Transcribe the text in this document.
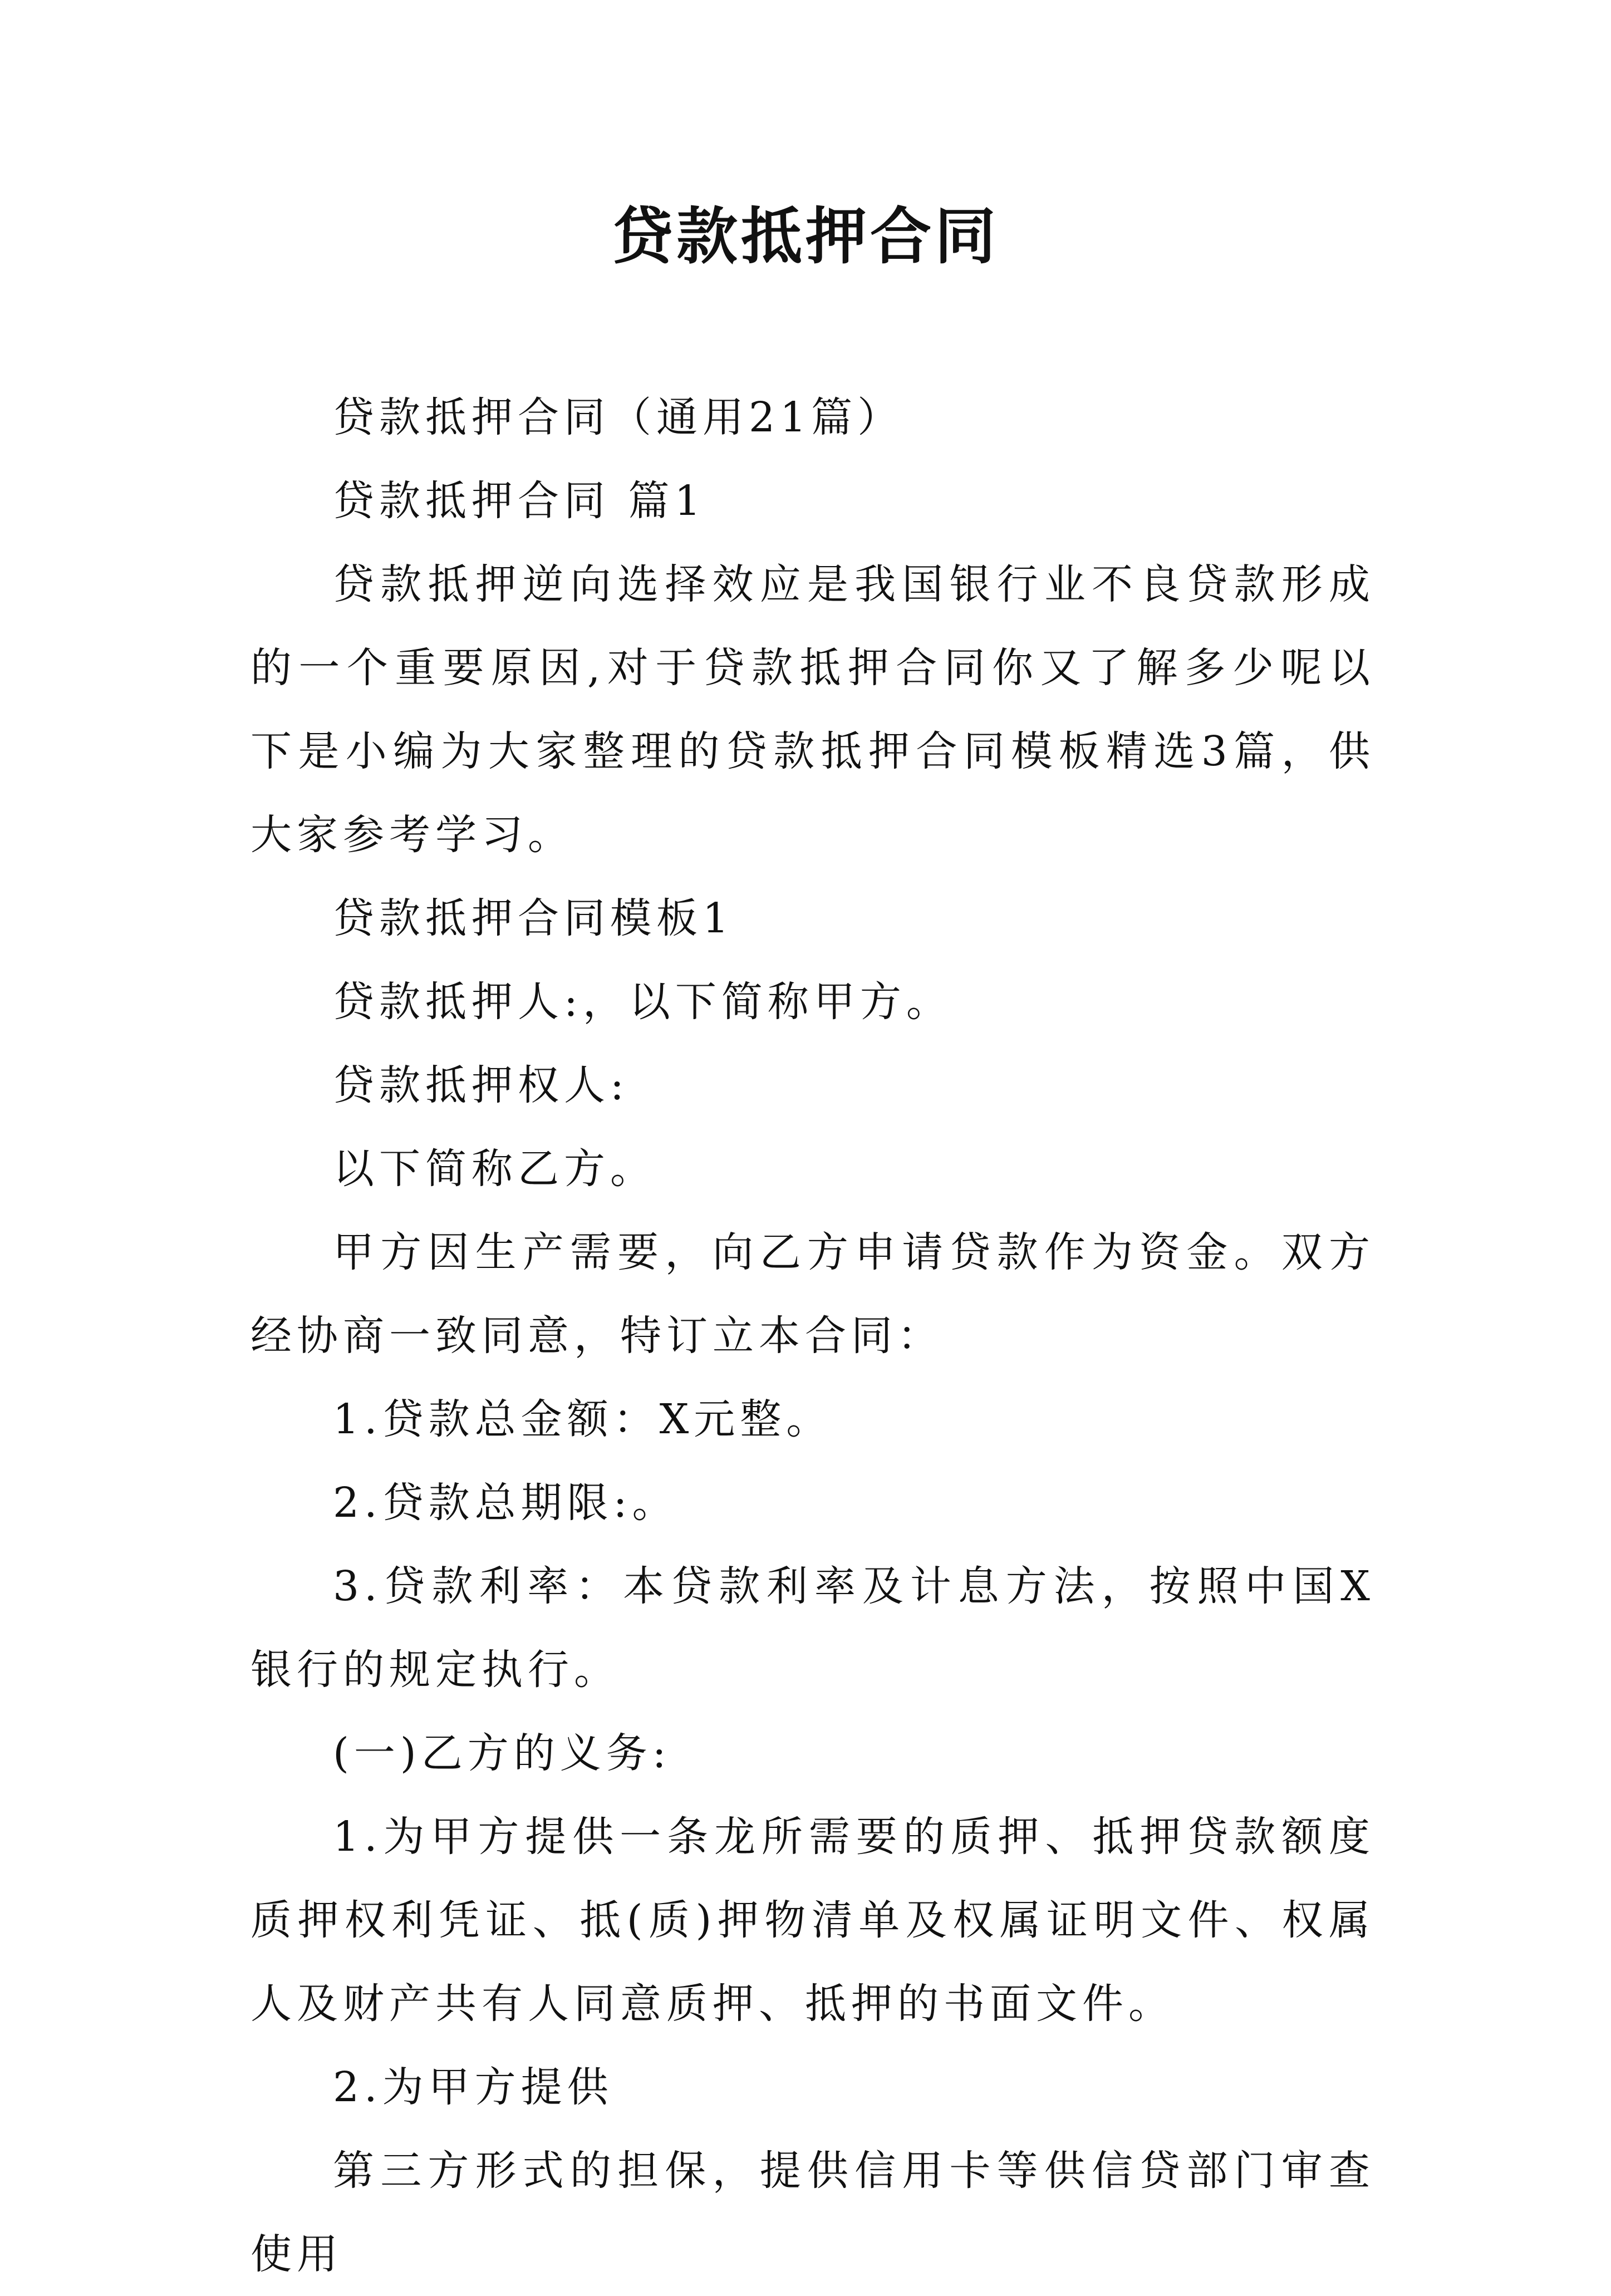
贷款抵押合同

贷款抵押合同（通用21篇）

贷款抵押合同 篇1

贷款抵押逆向选择效应是我国银行业不良贷款形成的一个重要原因,对于贷款抵押合同你又了解多少呢以下是小编为大家整理的贷款抵押合同模板精选3篇，供大家参考学习。

贷款抵押合同模板1

贷款抵押人:，以下简称甲方。

贷款抵押权人:

以下简称乙方。

甲方因生产需要，向乙方申请贷款作为资金。双方经协商一致同意，特订立本合同：

1.贷款总金额：X元整。

2.贷款总期限:。

3.贷款利率：本贷款利率及计息方法，按照中国X银行的规定执行。

(一)乙方的义务:

1.为甲方提供一条龙所需要的质押、抵押贷款额度质押权利凭证、抵(质)押物清单及权属证明文件、权属人及财产共有人同意质押、抵押的书面文件。

2.为甲方提供

第三方形式的担保，提供信用卡等供信贷部门审查使用
